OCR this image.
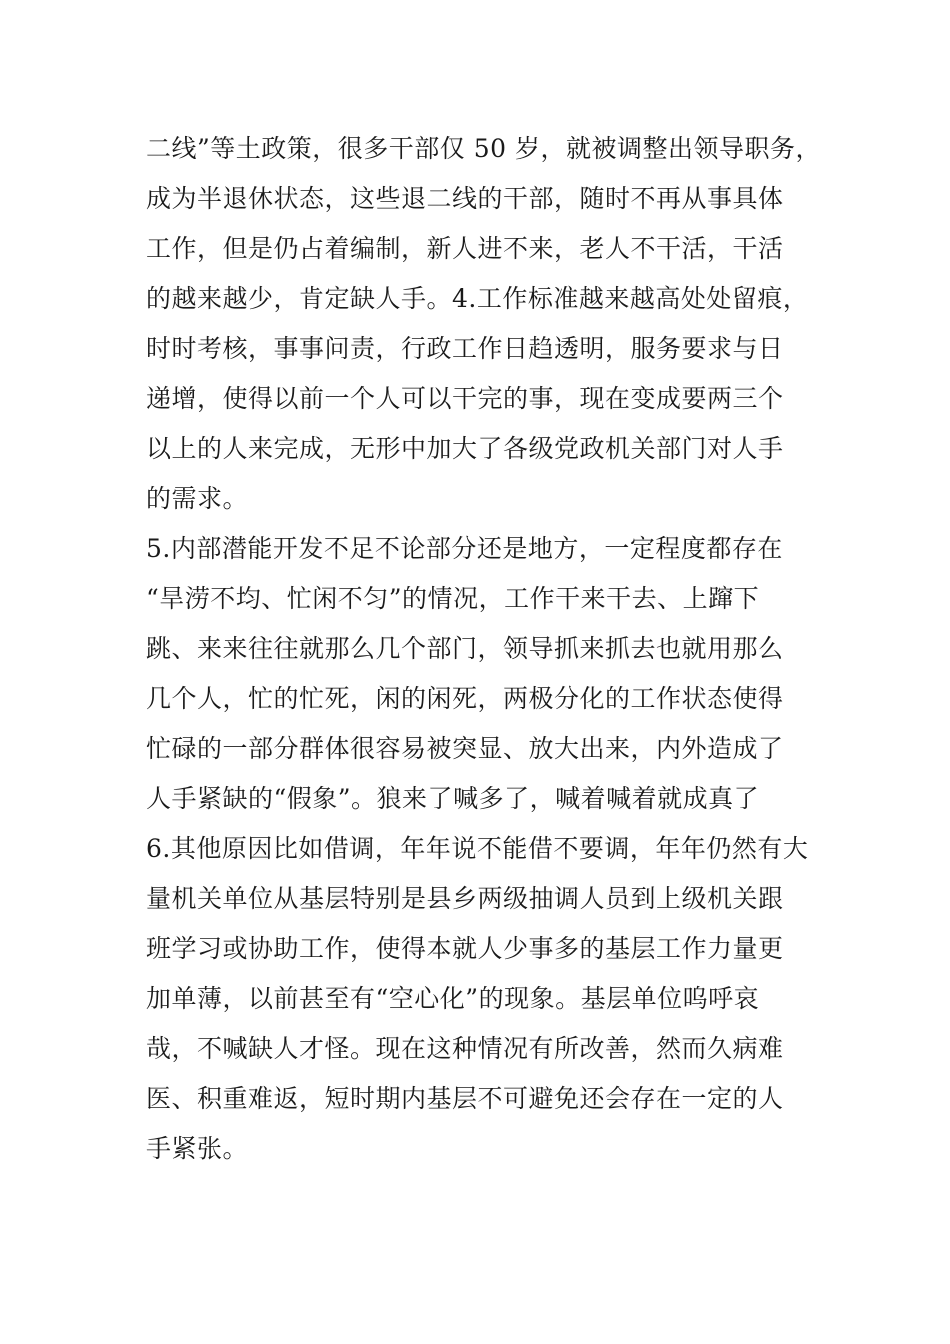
二线”等土政策，很多干部仅 50 岁，就被调整出领导职务，
成为半退休状态，这些退二线的干部，随时不再从事具体
工作，但是仍占着编制，新人进不来，老人不干活，干活
的越来越少，肯定缺人手。4.工作标准越来越高处处留痕，
时时考核，事事问责，行政工作日趋透明，服务要求与日
递增，使得以前一个人可以干完的事，现在变成要两三个
以上的人来完成，无形中加大了各级党政机关部门对人手
的需求。
5.内部潜能开发不足不论部分还是地方，一定程度都存在
“旱涝不均、忙闲不匀”的情况，工作干来干去、上蹿下
跳、来来往往就那么几个部门，领导抓来抓去也就用那么
几个人，忙的忙死，闲的闲死，两极分化的工作状态使得
忙碌的一部分群体很容易被突显、放大出来，内外造成了
人手紧缺的“假象”。狼来了喊多了，喊着喊着就成真了
6.其他原因比如借调，年年说不能借不要调，年年仍然有大
量机关单位从基层特别是县乡两级抽调人员到上级机关跟
班学习或协助工作，使得本就人少事多的基层工作力量更
加单薄，以前甚至有“空心化”的现象。基层单位呜呼哀
哉，不喊缺人才怪。现在这种情况有所改善，然而久病难
医、积重难返，短时期内基层不可避免还会存在一定的人
手紧张。
